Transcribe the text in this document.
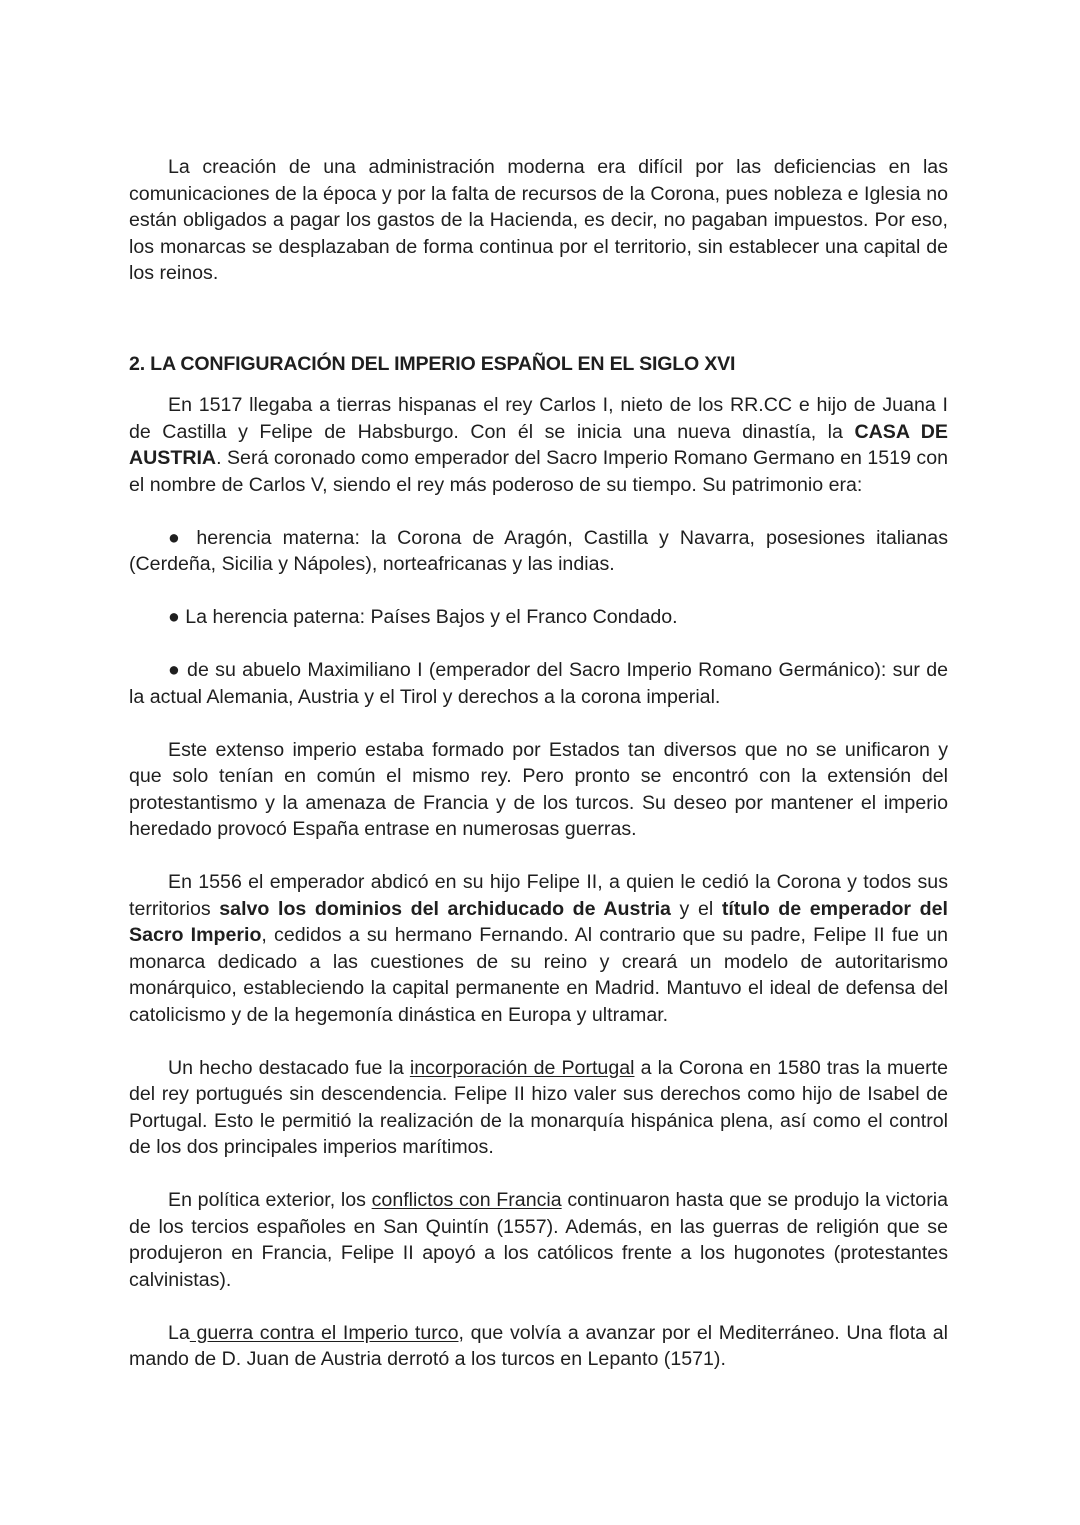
La creación de una administración moderna era difícil por las deficiencias en las comunicaciones de la época y por la falta de recursos de la Corona, pues nobleza e Iglesia no están obligados a pagar los gastos de la Hacienda, es decir, no pagaban impuestos. Por eso, los monarcas se desplazaban de forma continua por el territorio, sin establecer una capital de los reinos.

2. LA CONFIGURACIÓN DEL IMPERIO ESPAÑOL EN EL SIGLO XVI

En 1517 llegaba a tierras hispanas el rey Carlos I, nieto de los RR.CC e hijo de Juana I de Castilla y Felipe de Habsburgo. Con él se inicia una nueva dinastía, la CASA DE AUSTRIA. Será coronado como emperador del Sacro Imperio Romano Germano en 1519 con el nombre de Carlos V, siendo el rey más poderoso de su tiempo. Su patrimonio era:

● herencia materna: la Corona de Aragón, Castilla y Navarra, posesiones italianas (Cerdeña, Sicilia y Nápoles), norteafricanas y las indias.

● La herencia paterna: Países Bajos y el Franco Condado.

● de su abuelo Maximiliano I (emperador del Sacro Imperio Romano Germánico): sur de la actual Alemania, Austria y el Tirol y derechos a la corona imperial.

Este extenso imperio estaba formado por Estados tan diversos que no se unificaron y que solo tenían en común el mismo rey. Pero pronto se encontró con la extensión del protestantismo y la amenaza de Francia y de los turcos. Su deseo por mantener el imperio heredado provocó España entrase en numerosas guerras.

En 1556 el emperador abdicó en su hijo Felipe II, a quien le cedió la Corona y todos sus territorios salvo los dominios del archiducado de Austria y el título de emperador del Sacro Imperio, cedidos a su hermano Fernando. Al contrario que su padre, Felipe II fue un monarca dedicado a las cuestiones de su reino y creará un modelo de autoritarismo monárquico, estableciendo la capital permanente en Madrid. Mantuvo el ideal de defensa del catolicismo y de la hegemonía dinástica en Europa y ultramar.

Un hecho destacado fue la incorporación de Portugal a la Corona en 1580 tras la muerte del rey portugués sin descendencia. Felipe II hizo valer sus derechos como hijo de Isabel de Portugal. Esto le permitió la realización de la monarquía hispánica plena, así como el control de los dos principales imperios marítimos.

En política exterior, los conflictos con Francia continuaron hasta que se produjo la victoria de los tercios españoles en San Quintín (1557). Además, en las guerras de religión que se produjeron en Francia, Felipe II apoyó a los católicos frente a los hugonotes (protestantes calvinistas).

La guerra contra el Imperio turco, que volvía a avanzar por el Mediterráneo. Una flota al mando de D. Juan de Austria derrotó a los turcos en Lepanto (1571).
